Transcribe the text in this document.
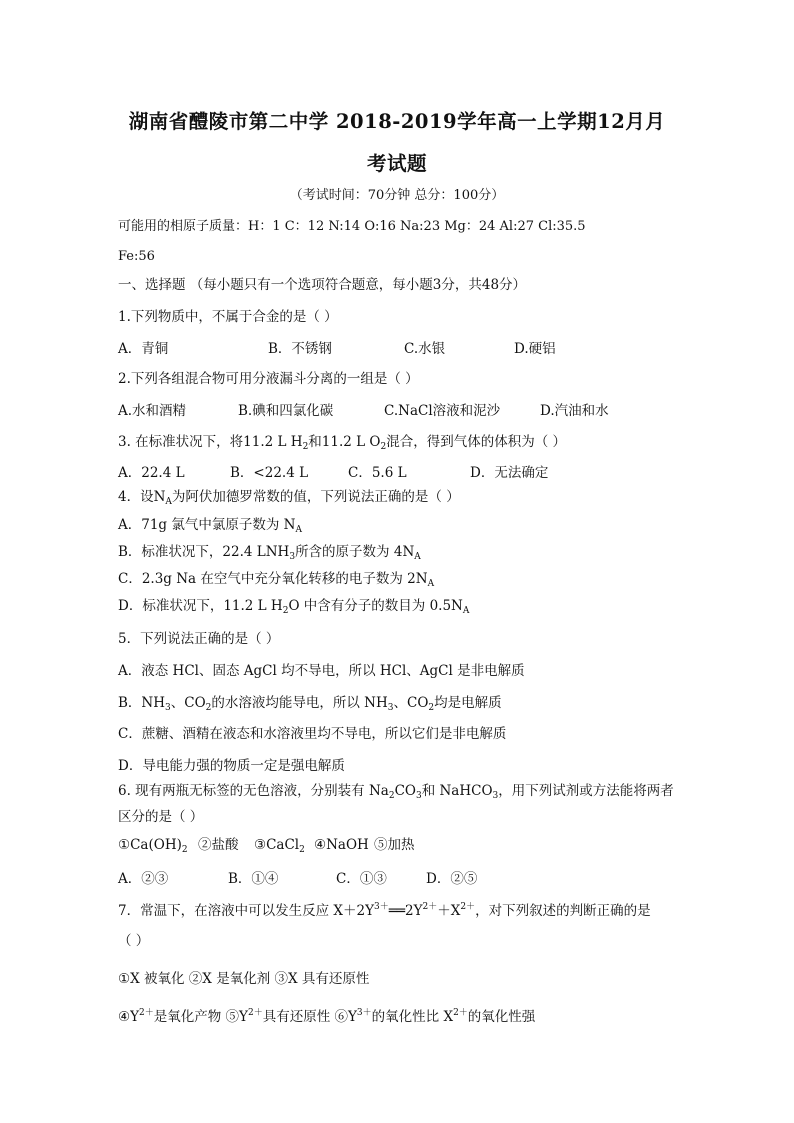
湖南省醴陵市第二中学 2018-2019学年高一上学期12月月
考试题
（考试时间：70分钟 总分：100分）
可能用的相原子质量：H：1 C：12 N:14 O:16 Na:23 Mg：24 Al:27 Cl:35.5
Fe:56
一、选择题 （每小题只有一个选项符合题意，每小题3分，共48分）
1.下列物质中，不属于合金的是（ ）
A．青铜	B．不锈钢	C.水银	D.硬铝
2.下列各组混合物可用分液漏斗分离的一组是（ ）
A.水和酒精	B.碘和四氯化碳	C.NaCl溶液和泥沙	D.汽油和水
3. 在标准状况下，将11.2 L $H_2$和11.2 L $O_2$混合，得到气体的体积为（ ）
A．22.4 L	B．<22.4 L	C．5.6 L	D．无法确定
4．设$N_A$为阿伏加德罗常数的值，下列说法正确的是（ ）
A．71g 氯气中氯原子数为 $N_A$
B．标准状况下，22.4 $LNH_3$所含的原子数为 $4N_A$
C．2.3g Na 在空气中充分氧化转移的电子数为 $2N_A$
D．标准状况下，11.2 L $H_2O$ 中含有分子的数目为 $0.5N_A$
5．下列说法正确的是（ ）
A．液态 HCl、固态 AgCl 均不导电，所以 HCl、AgCl 是非电解质
B．$NH_3$、$CO_2$的水溶液均能导电，所以 $NH_3$、$CO_2$均是电解质
C．蔗糖、酒精在液态和水溶液里均不导电，所以它们是非电解质
D．导电能力强的物质一定是强电解质
6. 现有两瓶无标签的无色溶液，分别装有 $Na_2CO_3$和 NaHCO$_3$，用下列试剂或方法能将两者
区分的是（ ）
$①Ca(OH)_2$ ②盐酸 ③CaCl$_2$ ④NaOH ⑤加热
A．②③	B．①④	C．①③	D．②⑤
7．常温下，在溶液中可以发生反应 $X+2Y^{3+}══2Y^{2+}+X^{2+}$，对下列叙述的判断正确的是
（ ）
①X 被氧化 ②X 是氧化剂 ③X 具有还原性
$④Y^{2+}$是氧化产物 $⑤Y^{2+}$具有还原性 $⑥Y^{3+}$的氧化性比 $X^{2+}$的氧化性强
